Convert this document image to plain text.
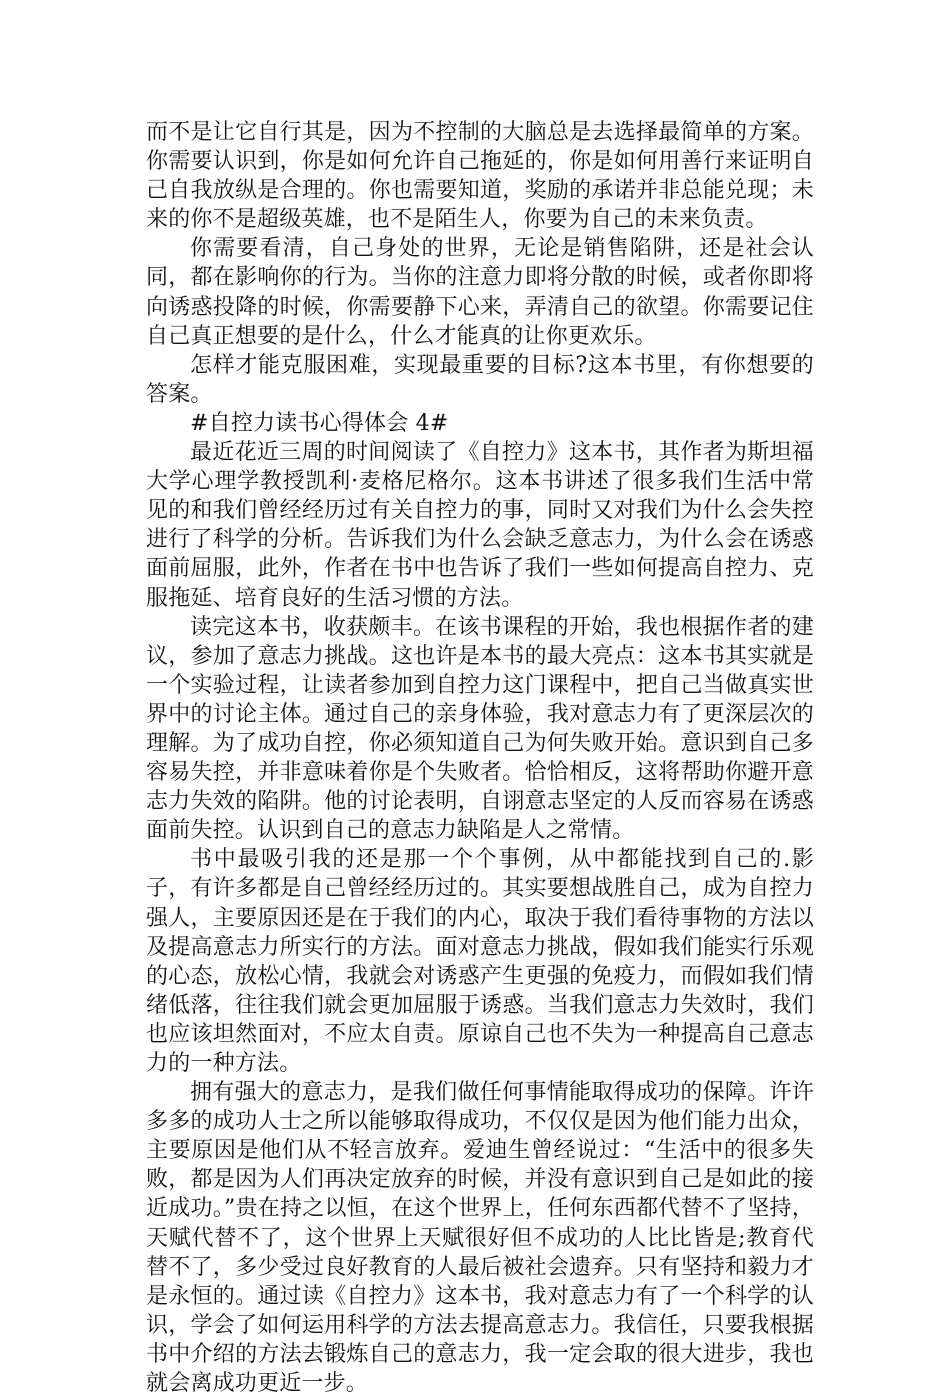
而不是让它自行其是，因为不控制的大脑总是去选择最简单的方案。你需要认识到，你是如何允许自己拖延的，你是如何用善行来证明自己自我放纵是合理的。你也需要知道，奖励的承诺并非总能兑现；未来的你不是超级英雄，也不是陌生人，你要为自己的未来负责。

你需要看清，自己身处的世界，无论是销售陷阱，还是社会认同，都在影响你的行为。当你的注意力即将分散的时候，或者你即将向诱惑投降的时候，你需要静下心来，弄清自己的欲望。你需要记住自己真正想要的是什么，什么才能真的让你更欢乐。

怎样才能克服困难，实现最重要的目标?这本书里，有你想要的答案。

#自控力读书心得体会 4#

最近花近三周的时间阅读了《自控力》这本书，其作者为斯坦福大学心理学教授凯利·麦格尼格尔。这本书讲述了很多我们生活中常见的和我们曾经经历过有关自控力的事，同时又对我们为什么会失控进行了科学的分析。告诉我们为什么会缺乏意志力，为什么会在诱惑面前屈服，此外，作者在书中也告诉了我们一些如何提高自控力、克服拖延、培育良好的生活习惯的方法。

读完这本书，收获颇丰。在该书课程的开始，我也根据作者的建议，参加了意志力挑战。这也许是本书的最大亮点：这本书其实就是一个实验过程，让读者参加到自控力这门课程中，把自己当做真实世界中的讨论主体。通过自己的亲身体验，我对意志力有了更深层次的理解。为了成功自控，你必须知道自己为何失败开始。意识到自己多容易失控，并非意味着你是个失败者。恰恰相反，这将帮助你避开意志力失效的陷阱。他的讨论表明，自诩意志坚定的人反而容易在诱惑面前失控。认识到自己的意志力缺陷是人之常情。

书中最吸引我的还是那一个个事例，从中都能找到自己的.影子，有许多都是自己曾经经历过的。其实要想战胜自己，成为自控力强人，主要原因还是在于我们的内心，取决于我们看待事物的方法以及提高意志力所实行的方法。面对意志力挑战，假如我们能实行乐观的心态，放松心情，我就会对诱惑产生更强的免疫力，而假如我们情绪低落，往往我们就会更加屈服于诱惑。当我们意志力失效时，我们也应该坦然面对，不应太自责。原谅自己也不失为一种提高自己意志力的一种方法。

拥有强大的意志力，是我们做任何事情能取得成功的保障。许许多多的成功人士之所以能够取得成功，不仅仅是因为他们能力出众，主要原因是他们从不轻言放弃。爱迪生曾经说过：“生活中的很多失败，都是因为人们再决定放弃的时候，并没有意识到自己是如此的接近成功。”贵在持之以恒，在这个世界上，任何东西都代替不了坚持，天赋代替不了，这个世界上天赋很好但不成功的人比比皆是;教育代替不了，多少受过良好教育的人最后被社会遗弃。只有坚持和毅力才是永恒的。通过读《自控力》这本书，我对意志力有了一个科学的认识，学会了如何运用科学的方法去提高意志力。我信任，只要我根据书中介绍的方法去锻炼自己的意志力，我一定会取的很大进步，我也就会离成功更近一步。
